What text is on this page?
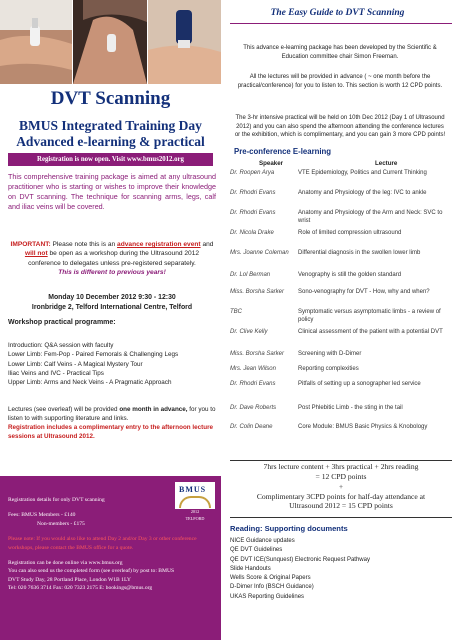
DVT Scanning
BMUS Integrated Training Day
Advanced e-learning & practical
Registration is now open. Visit www.bmus2012.org
This comprehensive training package is aimed at any ultrasound practitioner who is starting or wishes to improve their knowledge on DVT scanning. The technique for scanning arms, legs, calf and iliac veins will be covered.
IMPORTANT: Please note this is an advance registration event and will not be open as a workshop during the Ultrasound 2012 conference to delegates unless pre-registered separately.
This is different to previous years!
Monday 10 December 2012 9:30 - 12:30
Ironbridge 2, Telford International Centre, Telford
Workshop practical programme:
Introduction: Q&A session with faculty
Lower Limb: Fem-Pop - Paired Femorals & Challenging Legs
Lower Limb: Calf Veins - A Magical Mystery Tour
Iliac Veins and IVC - Practical Tips
Upper Limb: Arms and Neck Veins - A Pragmatic Approach
Lectures (see overleaf) will be provided one month in advance, for you to listen to with supporting literature and links.
Registration includes a complimentary entry to the afternoon lecture sessions at Ultrasound 2012.
BMUS
2012
TELFORD
Registration details for only DVT scanning
Fees: BMUS Members - £140
Non-members - £175
Please note: If you would also like to attend Day 2 and/or Day 3 or other conference workshops, please contact the BMUS office for a quote.
Registration can be done online via www.bmus.org
You can also send us the completed form (see overleaf) by post to: BMUS
DVT Study Day, 28 Portland Place, London W1B 1LY
Tel: 020 7636 3714 Fax: 020 7323 2175 E: bookings@bmus.org
The Easy Guide to DVT Scanning
This advance e-learning package has been developed by the Scientific & Education committee chair Simon Freeman.
All the lectures will be provided in advance ( ~ one month before the practical/conference) for you to listen to. This section is worth 12 CPD points.
The 3-hr intensive practical will be held on 10th Dec 2012 (Day 1 of Ultrasound 2012) and you can also spend the afternoon attending the conference lectures or the exhibition, which is complimentary, and you can gain 3 more CPD points!
Pre-conference E-learning
Speaker	Lecture
Dr. Roopen Arya	VTE Epidemiology, Politics and Current Thinking
Dr. Rhodri Evans	Anatomy and Physiology of the leg: IVC to ankle
Dr. Rhodri Evans	Anatomy and Physiology of the Arm and Neck: SVC to wrist
Dr. Nicola Drake	Role of limited compression ultrasound
Mrs. Joanne Coleman	Differential diagnosis in the swollen lower limb
Dr. Lol Berman	Venography is still the golden standard
Miss. Borsha Sarker	Sono-venography for DVT - How, why and when?
TBC	Symptomatic versus asymptomatic limbs - a review of policy
Dr. Clive Kelly	Clinical assessment of the patient with a potential DVT
Miss. Borsha Sarker	Screening with D-Dimer
Mrs. Jean Wilson	Reporting complexities
Dr. Rhodri Evans	Pitfalls of setting up a sonographer led service
Dr. Dave Roberts	Post Phlebitic Limb - the sting in the tail
Dr. Colin Deane	Core Module: BMUS Basic Physics & Knobology
7hrs lecture content + 3hrs practical + 2hrs reading
= 12 CPD points
+
Complimentary 3CPD points for half-day attendance at
Ultrasound 2012 = 15 CPD points
Reading: Supporting documents
NICE Guidance updates
QE DVT Guidelines
QE DVT ICE(Sunquest) Electronic Request Pathway
Slide Handouts
Wells Score & Original Papers
D-Dimer Info (BSCH Guidance)
UKAS Reporting Guidelines
